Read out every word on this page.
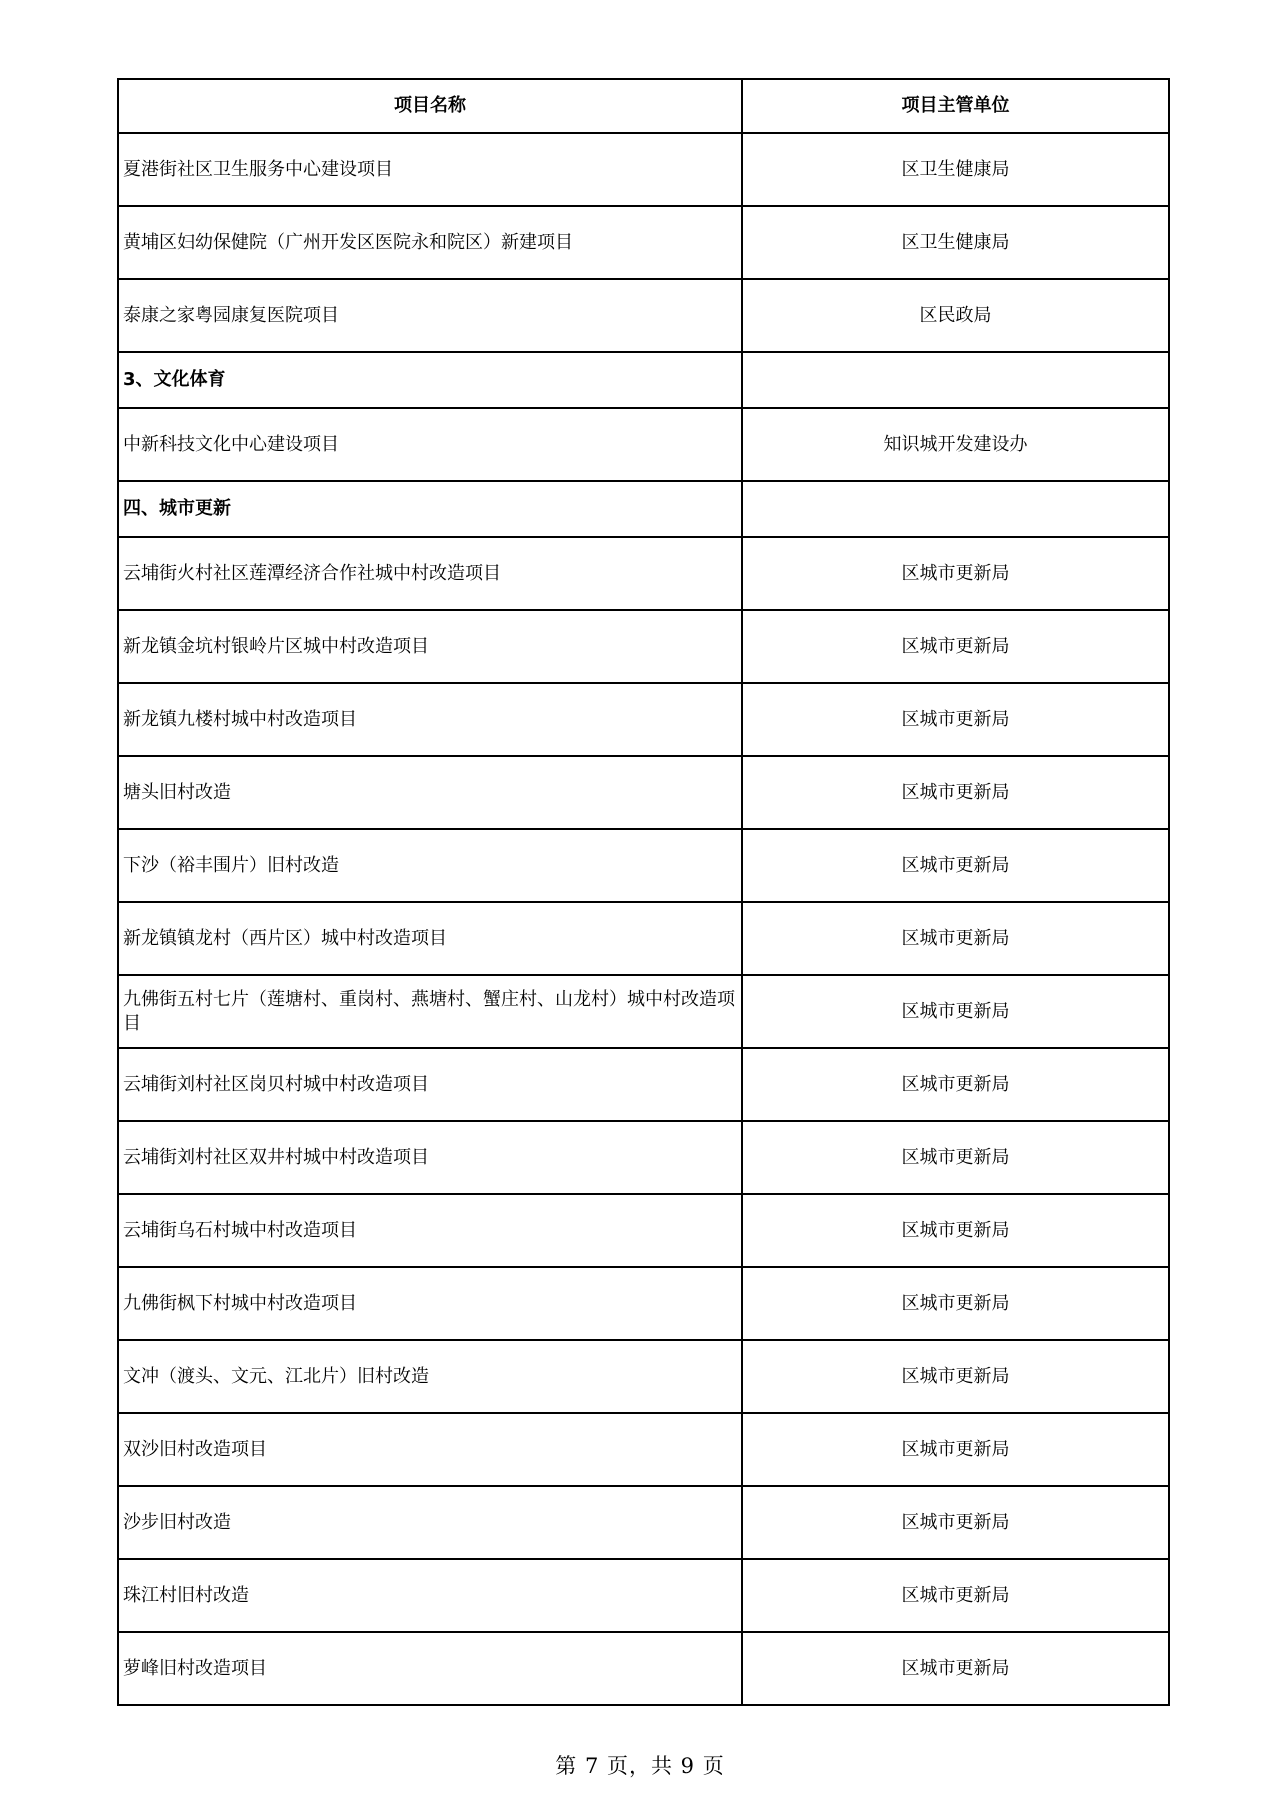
项目名称	项目主管单位
夏港街社区卫生服务中心建设项目	区卫生健康局
黄埔区妇幼保健院（广州开发区医院永和院区）新建项目	区卫生健康局
泰康之家粤园康复医院项目	区民政局
3、文化体育	
中新科技文化中心建设项目	知识城开发建设办
四、城市更新	
云埔街火村社区莲潭经济合作社城中村改造项目	区城市更新局
新龙镇金坑村银岭片区城中村改造项目	区城市更新局
新龙镇九楼村城中村改造项目	区城市更新局
塘头旧村改造	区城市更新局
下沙（裕丰围片）旧村改造	区城市更新局
新龙镇镇龙村（西片区）城中村改造项目	区城市更新局
九佛街五村七片（莲塘村、重岗村、燕塘村、蟹庄村、山龙村）城中村改造项目	区城市更新局
云埔街刘村社区岗贝村城中村改造项目	区城市更新局
云埔街刘村社区双井村城中村改造项目	区城市更新局
云埔街乌石村城中村改造项目	区城市更新局
九佛街枫下村城中村改造项目	区城市更新局
文冲（渡头、文元、江北片）旧村改造	区城市更新局
双沙旧村改造项目	区城市更新局
沙步旧村改造	区城市更新局
珠江村旧村改造	区城市更新局
萝峰旧村改造项目	区城市更新局
第 7 页，共 9 页
